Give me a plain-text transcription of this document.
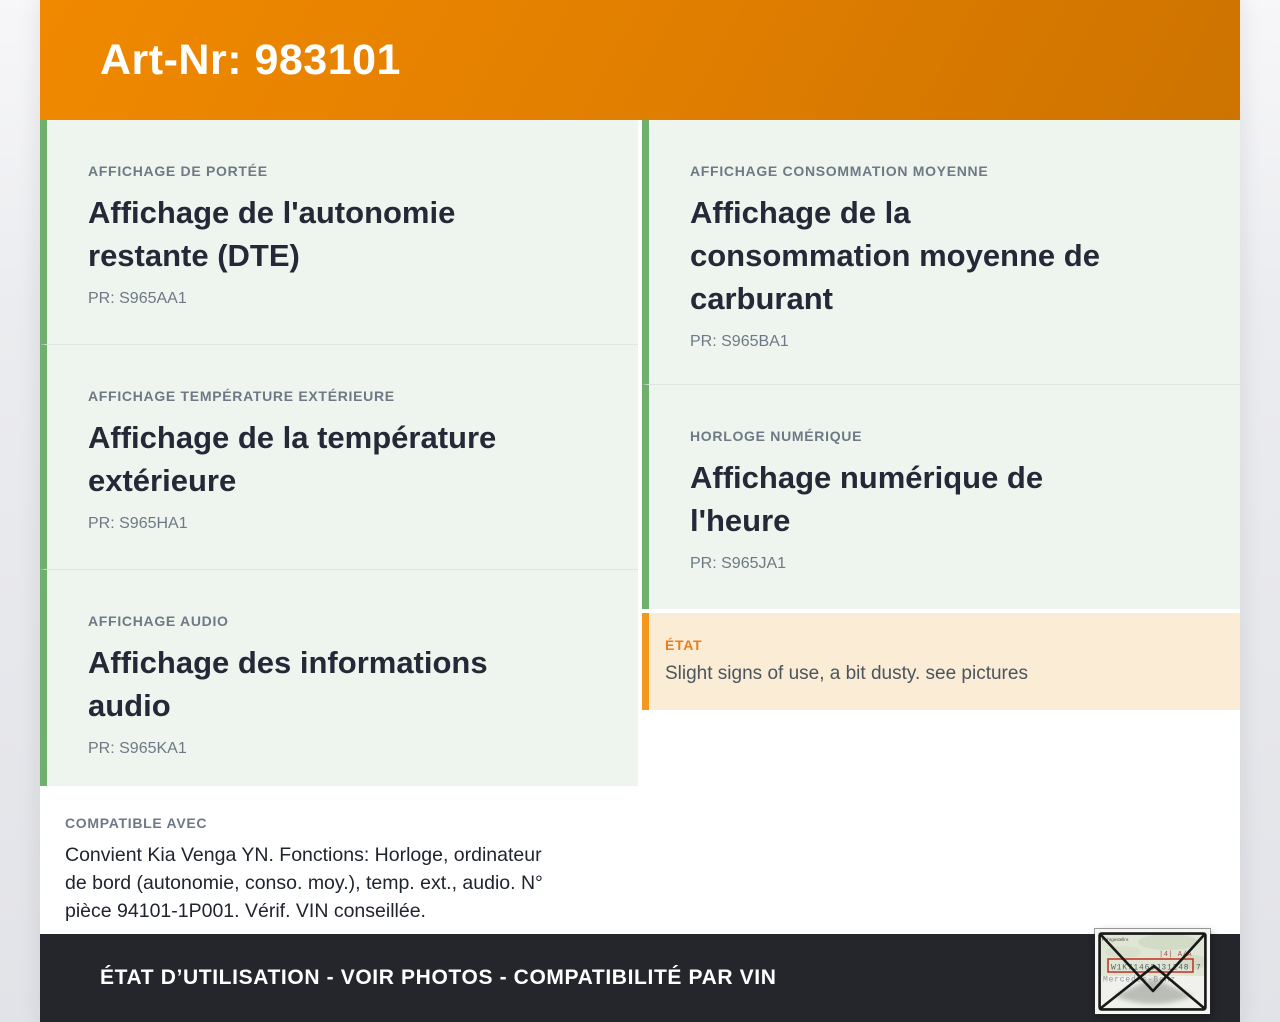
Art-Nr: 983101
AFFICHAGE DE PORTÉE
Affichage de l'autonomie
restante (DTE)
PR: S965AA1
AFFICHAGE TEMPÉRATURE EXTÉRIEURE
Affichage de la température
extérieure
PR: S965HA1
AFFICHAGE AUDIO
Affichage des informations
audio
PR: S965KA1
COMPATIBLE AVEC

Convient Kia Venga YN. Fonctions: Horloge, ordinateur
de bord (autonomie, conso. moy.), temp. ext., audio. N°
pièce 94101-1P001. Vérif. VIN conseillée.

AFFICHAGE CONSOMMATION MOYENNE
Affichage de la
consommation moyenne de
carburant
PR: S965BA1
HORLOGE NUMÉRIQUE
Affichage numérique de
l'heure
PR: S965JA1
ÉTAT

Slight signs of use, a bit dusty. see pictures

ÉTAT D’UTILISATION - VOIR PHOTOS - COMPATIBILITÉ PAR VIN
Fahrgestellnr.
|4| A/A
W1K71463J31248 7
Mercedes-Benz
